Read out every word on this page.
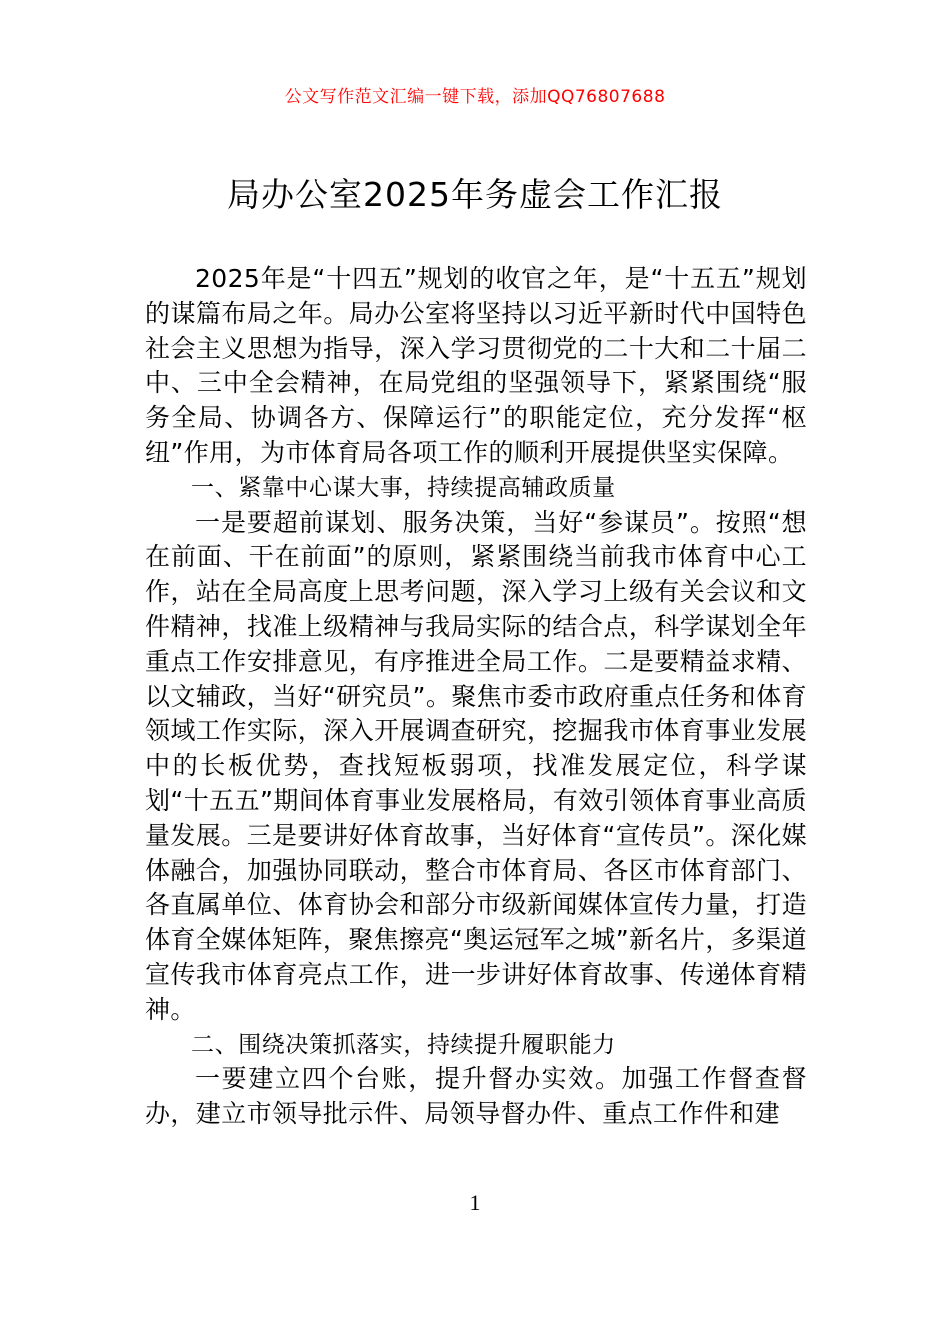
公文写作范文汇编一键下载，添加QQ76807688
局办公室2025年务虚会工作汇报

2025年是“十四五”规划的收官之年，是“十五五”规划的谋篇布局之年。局办公室将坚持以习近平新时代中国特色社会主义思想为指导，深入学习贯彻党的二十大和二十届二中、三中全会精神，在局党组的坚强领导下，紧紧围绕“服务全局、协调各方、保障运行”的职能定位，充分发挥“枢纽”作用，为市体育局各项工作的顺利开展提供坚实保障。

一、紧靠中心谋大事，持续提高辅政质量

一是要超前谋划、服务决策，当好“参谋员”。按照“想在前面、干在前面”的原则，紧紧围绕当前我市体育中心工作，站在全局高度上思考问题，深入学习上级有关会议和文件精神，找准上级精神与我局实际的结合点，科学谋划全年重点工作安排意见，有序推进全局工作。二是要精益求精、以文辅政，当好“研究员”。聚焦市委市政府重点任务和体育领域工作实际，深入开展调查研究，挖掘我市体育事业发展中的长板优势，查找短板弱项，找准发展定位，科学谋划“十五五”期间体育事业发展格局，有效引领体育事业高质量发展。三是要讲好体育故事，当好体育“宣传员”。深化媒体融合，加强协同联动，整合市体育局、各区市体育部门、各直属单位、体育协会和部分市级新闻媒体宣传力量，打造体育全媒体矩阵，聚焦擦亮“奥运冠军之城”新名片，多渠道宣传我市体育亮点工作，进一步讲好体育故事、传递体育精神。

二、围绕决策抓落实，持续提升履职能力

一要建立四个台账，提升督办实效。加强工作督查督办，建立市领导批示件、局领导督办件、重点工作件和建

1
